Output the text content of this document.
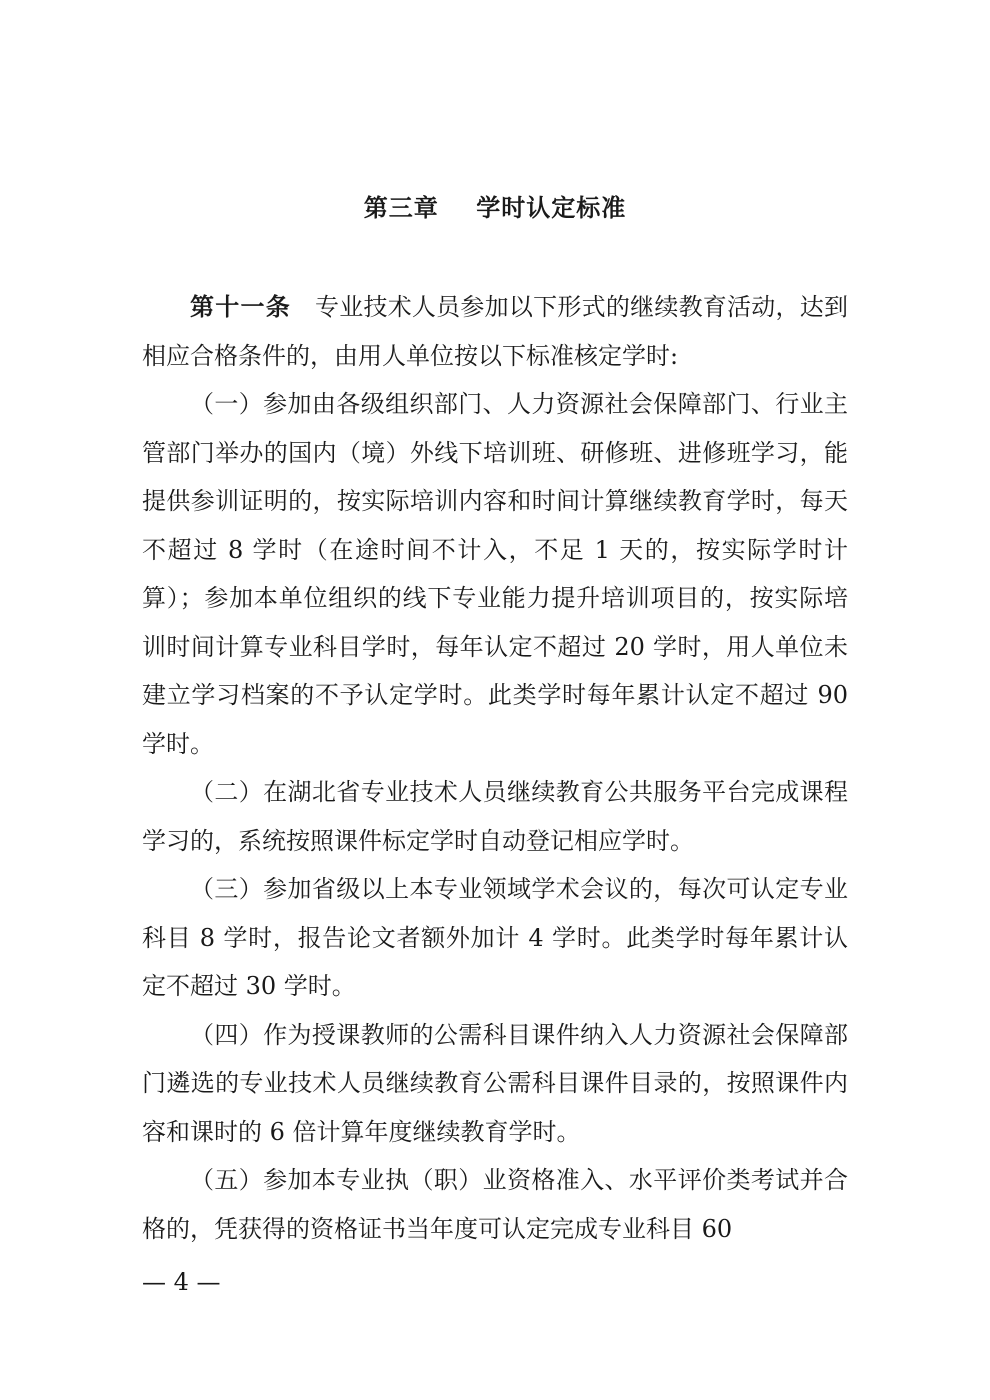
第三章    学时认定标准

第十一条 专业技术人员参加以下形式的继续教育活动，达到相应合格条件的，由用人单位按以下标准核定学时:

（一）参加由各级组织部门、人力资源社会保障部门、行业主管部门举办的国内（境）外线下培训班、研修班、进修班学习，能提供参训证明的，按实际培训内容和时间计算继续教育学时，每天不超过 8 学时（在途时间不计入，不足 1 天的，按实际学时计算）；参加本单位组织的线下专业能力提升培训项目的，按实际培训时间计算专业科目学时，每年认定不超过 20 学时，用人单位未建立学习档案的不予认定学时。此类学时每年累计认定不超过 90 学时。

（二）在湖北省专业技术人员继续教育公共服务平台完成课程学习的，系统按照课件标定学时自动登记相应学时。

（三）参加省级以上本专业领域学术会议的，每次可认定专业科目 8 学时，报告论文者额外加计 4 学时。此类学时每年累计认定不超过 30 学时。

（四）作为授课教师的公需科目课件纳入人力资源社会保障部门遴选的专业技术人员继续教育公需科目课件目录的，按照课件内容和课时的 6 倍计算年度继续教育学时。

（五）参加本专业执（职）业资格准入、水平评价类考试并合格的，凭获得的资格证书当年度可认定完成专业科目 60

— 4 —
